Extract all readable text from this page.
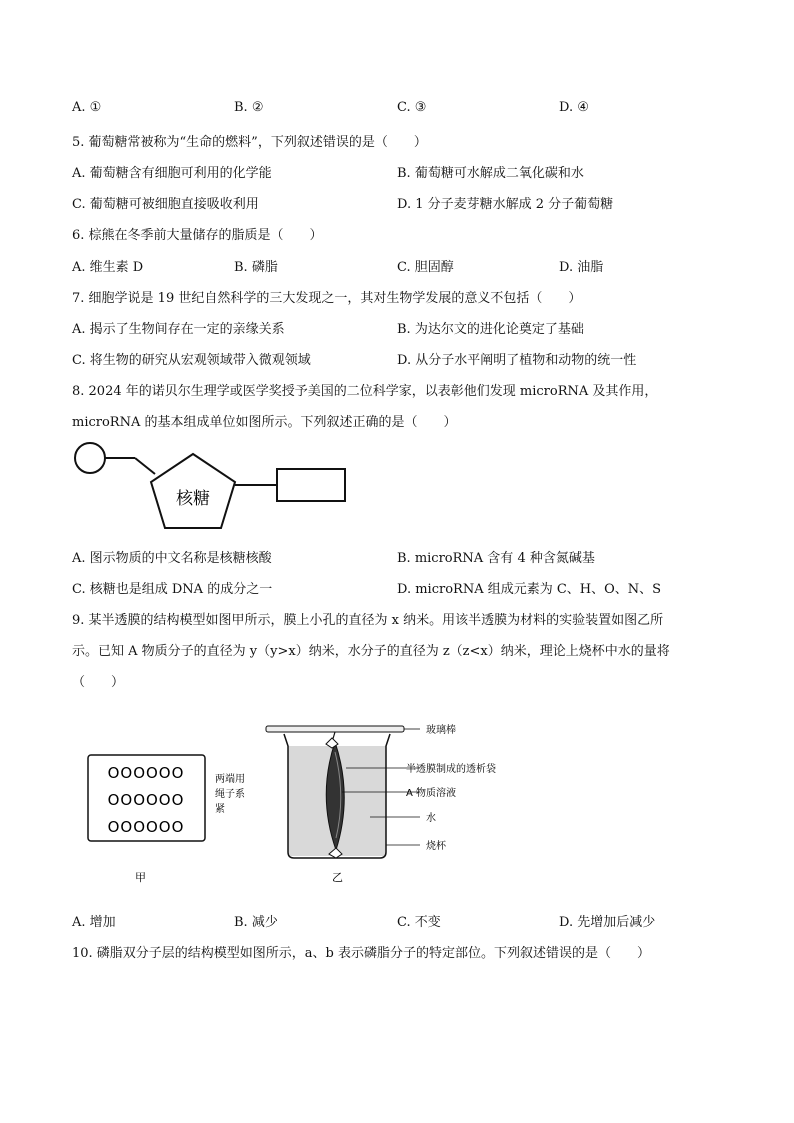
A. ①	B. ②	C. ③	D. ④
5. 葡萄糖常被称为“生命的燃料”，下列叙述错误的是（　　）
A. 葡萄糖含有细胞可利用的化学能	B. 葡萄糖可水解成二氧化碳和水
C. 葡萄糖可被细胞直接吸收利用	D. 1 分子麦芽糖水解成 2 分子葡萄糖
6. 棕熊在冬季前大量储存的脂质是（　　）
A. 维生素 D	B. 磷脂	C. 胆固醇	D. 油脂
7. 细胞学说是 19 世纪自然科学的三大发现之一，其对生物学发展的意义不包括（　　）
A. 揭示了生物间存在一定的亲缘关系	B. 为达尔文的进化论奠定了基础
C. 将生物的研究从宏观领域带入微观领域	D. 从分子水平阐明了植物和动物的统一性
8. 2024 年的诺贝尔生理学或医学奖授予美国的二位科学家，以表彰他们发现 microRNA 及其作用，
microRNA 的基本组成单位如图所示。下列叙述正确的是（　　）
核糖
A. 图示物质的中文名称是核糖核酸	B. microRNA 含有 4 种含氮碱基
C. 核糖也是组成 DNA 的成分之一	D. microRNA 组成元素为 C、H、O、N、S
9. 某半透膜的结构模型如图甲所示，膜上小孔的直径为 x 纳米。用该半透膜为材料的实验装置如图乙所
示。已知 A 物质分子的直径为 y（y>x）纳米，水分子的直径为 z（z<x）纳米，理论上烧杯中水的量将
（　　）
OOOOOO
OOOOOO
OOOOOO
甲
两端用
绳子系
紧
玻璃棒
半透膜制成的透析袋
A 物质溶液
水
烧杯
乙
A. 增加	B. 减少	C. 不变	D. 先增加后减少
10. 磷脂双分子层的结构模型如图所示，a、b 表示磷脂分子的特定部位。下列叙述错误的是（　　）
